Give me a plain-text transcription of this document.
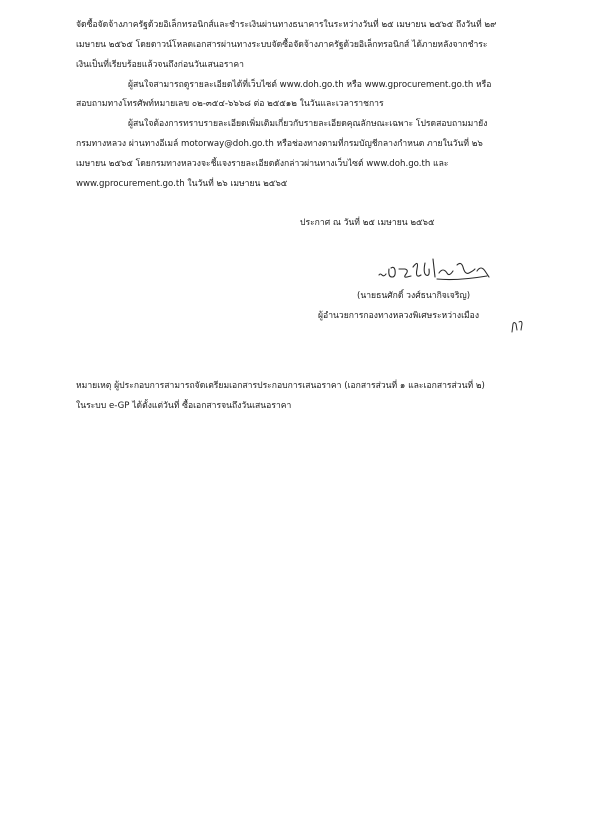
จัดซื้อจัดจ้างภาครัฐด้วยอิเล็กทรอนิกส์และชำระเงินผ่านทางธนาคารในระหว่างวันที่ ๒๕ เมษายน ๒๕๖๕ ถึงวันที่ ๒๙
เมษายน ๒๕๖๕ โดยดาวน์โหลดเอกสารผ่านทางระบบจัดซื้อจัดจ้างภาครัฐด้วยอิเล็กทรอนิกส์ ได้ภายหลังจากชำระ
เงินเป็นที่เรียบร้อยแล้วจนถึงก่อนวันเสนอราคา
ผู้สนใจสามารถดูรายละเอียดได้ที่เว็บไซต์ www.doh.go.th หรือ www.gprocurement.go.th หรือ
สอบถามทางโทรศัพท์หมายเลข ๐๒-๓๕๔-๖๖๖๘ ต่อ ๒๕๕๑๒ ในวันและเวลาราชการ
ผู้สนใจต้องการทราบรายละเอียดเพิ่มเติมเกี่ยวกับรายละเอียดคุณลักษณะเฉพาะ โปรดสอบถามมายัง
กรมทางหลวง ผ่านทางอีเมล์ motorway@doh.go.th หรือช่องทางตามที่กรมบัญชีกลางกำหนด ภายในวันที่ ๒๖
เมษายน ๒๕๖๕ โดยกรมทางหลวงจะชี้แจงรายละเอียดดังกล่าวผ่านทางเว็บไซต์ www.doh.go.th และ
www.gprocurement.go.th ในวันที่ ๒๖ เมษายน ๒๕๖๕
ประกาศ ณ วันที่ ๒๕ เมษายน ๒๕๖๕
(นายธนศักดิ์ วงศ์ธนากิจเจริญ)
ผู้อำนวยการกองทางหลวงพิเศษระหว่างเมือง
หมายเหตุ ผู้ประกอบการสามารถจัดเตรียมเอกสารประกอบการเสนอราคา (เอกสารส่วนที่ ๑ และเอกสารส่วนที่ ๒)
ในระบบ e-GP ได้ตั้งแต่วันที่ ซื้อเอกสารจนถึงวันเสนอราคา
